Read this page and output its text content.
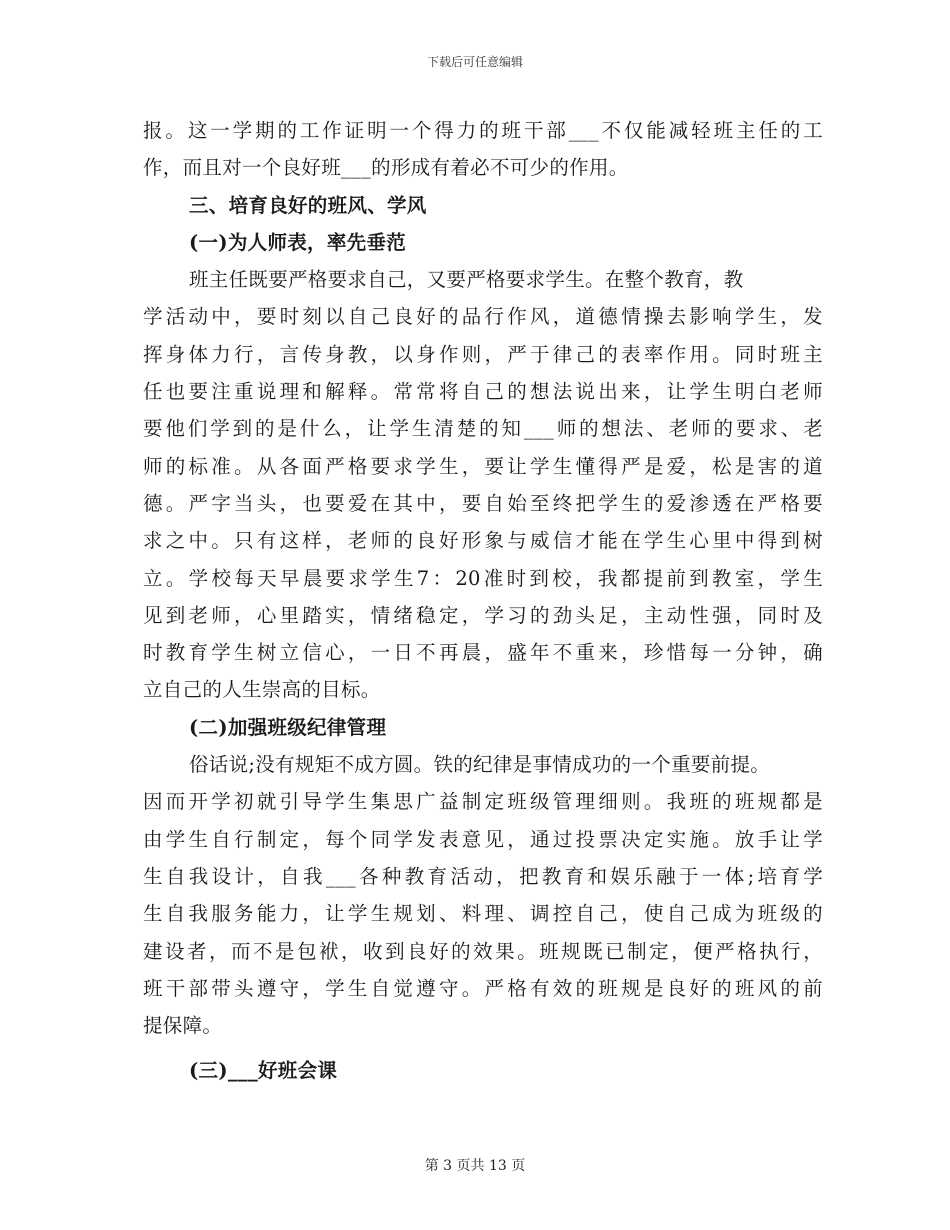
下载后可任意编辑
报。这一学期的工作证明一个得力的班干部___不仅能减轻班主任的工
作，而且对一个良好班___的形成有着必不可少的作用。
三、培育良好的班风、学风
(一)为人师表，率先垂范
班主任既要严格要求自己，又要严格要求学生。在整个教育，教
学活动中，要时刻以自己良好的品行作风，道德情操去影响学生，发
挥身体力行，言传身教，以身作则，严于律己的表率作用。同时班主
任也要注重说理和解释。常常将自己的想法说出来，让学生明白老师
要他们学到的是什么，让学生清楚的知___师的想法、老师的要求、老
师的标准。从各面严格要求学生，要让学生懂得严是爱，松是害的道
德。严字当头，也要爱在其中，要自始至终把学生的爱渗透在严格要
求之中。只有这样，老师的良好形象与威信才能在学生心里中得到树
立。学校每天早晨要求学生7：20准时到校，我都提前到教室，学生
见到老师，心里踏实，情绪稳定，学习的劲头足，主动性强，同时及
时教育学生树立信心，一日不再晨，盛年不重来，珍惜每一分钟，确
立自己的人生崇高的目标。
(二)加强班级纪律管理
俗话说;没有规矩不成方圆。铁的纪律是事情成功的一个重要前提。
因而开学初就引导学生集思广益制定班级管理细则。我班的班规都是
由学生自行制定，每个同学发表意见，通过投票决定实施。放手让学
生自我设计，自我___各种教育活动，把教育和娱乐融于一体;培育学
生自我服务能力，让学生规划、料理、调控自己，使自己成为班级的
建设者，而不是包袱，收到良好的效果。班规既已制定，便严格执行，
班干部带头遵守，学生自觉遵守。严格有效的班规是良好的班风的前
提保障。
(三)___好班会课
第 3 页共 13 页
